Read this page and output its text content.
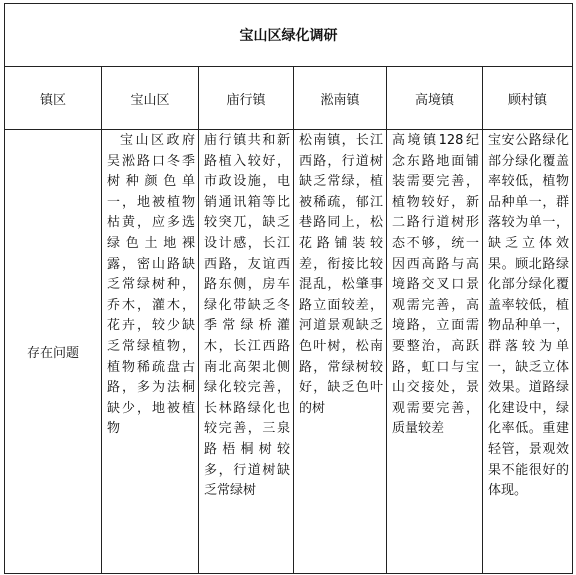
宝山区绿化调研					
镇区	宝山区	庙行镇	淞南镇	高境镇	顾村镇
存在问题	宝山区政府吴淞路口冬季树种颜色单一，地被植物枯黄，应多选绿色土地裸露，密山路缺乏常绿树种，乔木，灌木，花卉，较少缺乏常绿植物，植物稀疏盘古路，多为法桐缺少，地被植物	庙行镇共和新路植入较好，市政设施，电销通讯箱等比较突兀，缺乏设计感，长江西路，友谊西路东侧，房车绿化带缺乏冬季常绿桥灌木，长江西路南北高架北侧绿化较完善，长林路绿化也较完善，三泉路梧桐树较多，行道树缺乏常绿树	松南镇，长江西路，行道树缺乏常绿，植被稀疏，郁江巷路同上，松花路铺装较差，衔接比较混乱，松肇事路立面较差，河道景观缺乏色叶树，松南路，常绿树较好，缺乏色叶的树	高境镇128纪念东路地面铺装需要完善，植物较好，新二路行道树形态不够，统一因西高路与高境路交叉口景观需完善，高境路，立面需要整治，高跃路，虹口与宝山交接处，景观需要完善，质量较差	宝安公路绿化部分绿化覆盖率较低，植物品种单一，群落较为单一，缺乏立体效果。顾北路绿化部分绿化覆盖率较低，植物品种单一，群落较为单一，缺乏立体效果。道路绿化建设中，绿化率低。重建轻管，景观效果不能很好的体现。
